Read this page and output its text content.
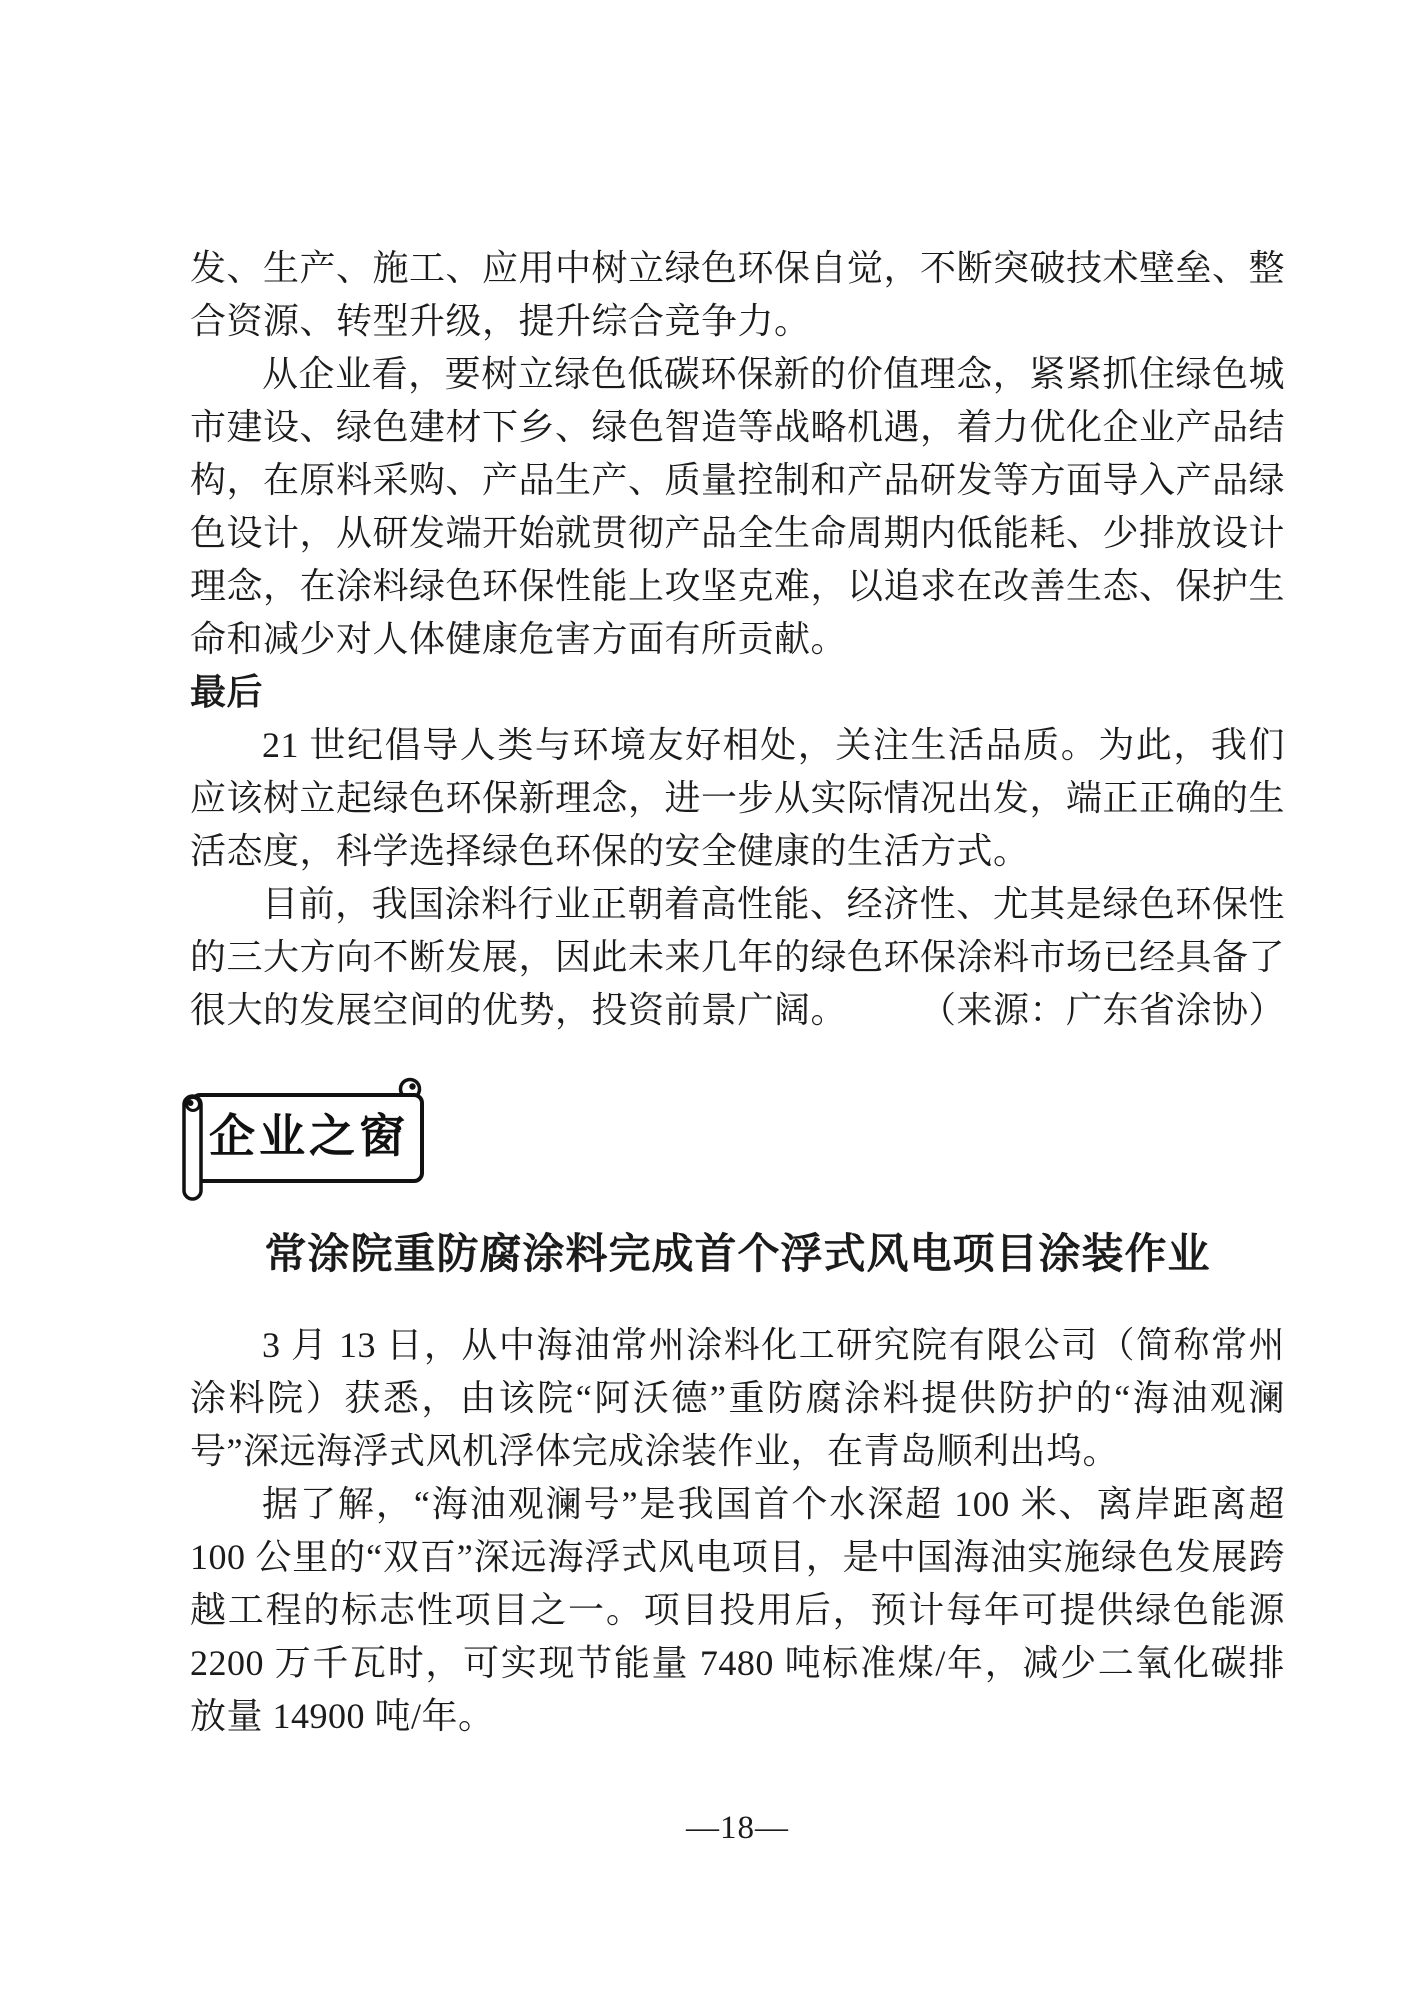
发、生产、施工、应用中树立绿色环保自觉，不断突破技术壁垒、整合资源、转型升级，提升综合竞争力。

从企业看，要树立绿色低碳环保新的价值理念，紧紧抓住绿色城市建设、绿色建材下乡、绿色智造等战略机遇，着力优化企业产品结构，在原料采购、产品生产、质量控制和产品研发等方面导入产品绿色设计，从研发端开始就贯彻产品全生命周期内低能耗、少排放设计理念，在涂料绿色环保性能上攻坚克难，以追求在改善生态、保护生命和减少对人体健康危害方面有所贡献。

最后

21 世纪倡导人类与环境友好相处，关注生活品质。为此，我们应该树立起绿色环保新理念，进一步从实际情况出发，端正正确的生活态度，科学选择绿色环保的安全健康的生活方式。

目前，我国涂料行业正朝着高性能、经济性、尤其是绿色环保性的三大方向不断发展，因此未来几年的绿色环保涂料市场已经具备了很大的发展空间的优势，投资前景广阔。	（来源：广东省涂协）

企业之窗
常涂院重防腐涂料完成首个浮式风电项目涂装作业

3 月 13 日，从中海油常州涂料化工研究院有限公司（简称常州涂料院）获悉，由该院“阿沃德”重防腐涂料提供防护的“海油观澜号”深远海浮式风机浮体完成涂装作业，在青岛顺利出坞。

据了解，“海油观澜号”是我国首个水深超 100 米、离岸距离超 100 公里的“双百”深远海浮式风电项目，是中国海油实施绿色发展跨越工程的标志性项目之一。项目投用后，预计每年可提供绿色能源 2200 万千瓦时，可实现节能量 7480 吨标准煤/年，减少二氧化碳排放量 14900 吨/年。

—18—
